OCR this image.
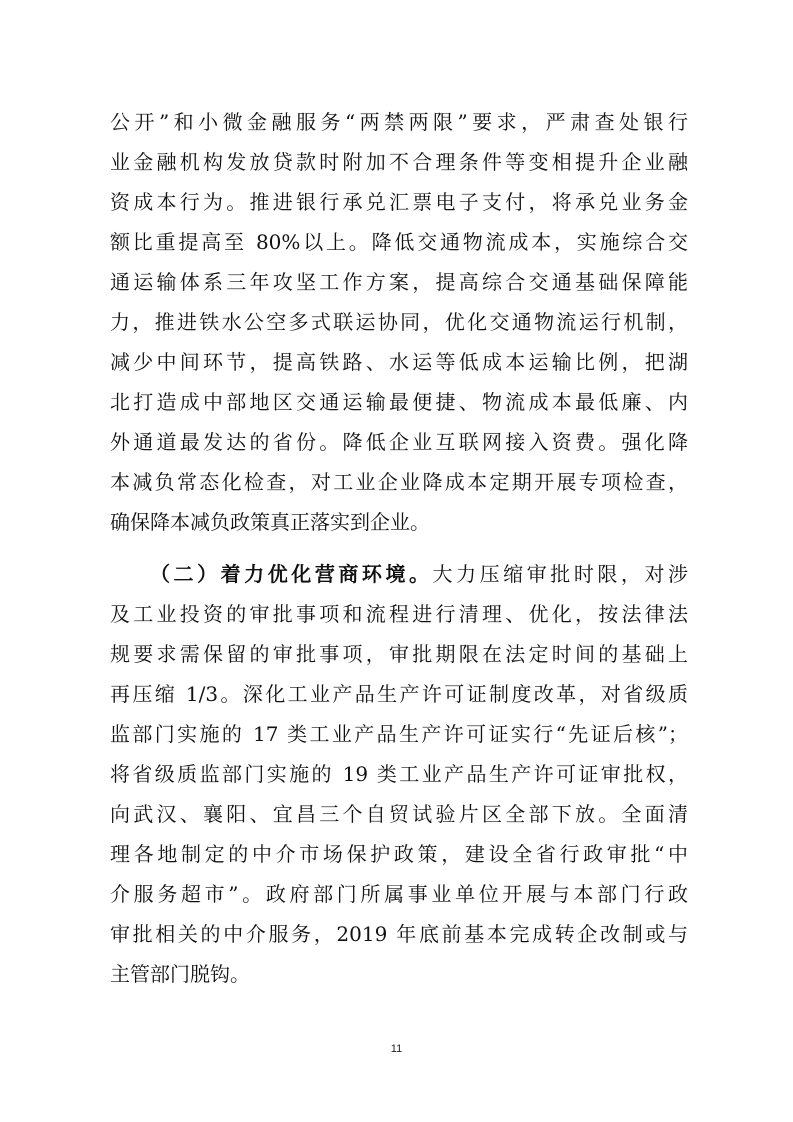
公开”和小微金融服务“两禁两限”要求，严肃查处银行
业金融机构发放贷款时附加不合理条件等变相提升企业融
资成本行为。推进银行承兑汇票电子支付，将承兑业务金
额比重提高至 80%以上。降低交通物流成本，实施综合交
通运输体系三年攻坚工作方案，提高综合交通基础保障能
力，推进铁水公空多式联运协同，优化交通物流运行机制，
减少中间环节，提高铁路、水运等低成本运输比例，把湖
北打造成中部地区交通运输最便捷、物流成本最低廉、内
外通道最发达的省份。降低企业互联网接入资费。强化降
本减负常态化检查，对工业企业降成本定期开展专项检查，
确保降本减负政策真正落实到企业。
（二）着力优化营商环境。大力压缩审批时限，对涉
及工业投资的审批事项和流程进行清理、优化，按法律法
规要求需保留的审批事项，审批期限在法定时间的基础上
再压缩 1/3。深化工业产品生产许可证制度改革，对省级质
监部门实施的 17 类工业产品生产许可证实行“先证后核”；
将省级质监部门实施的 19 类工业产品生产许可证审批权，
向武汉、襄阳、宜昌三个自贸试验片区全部下放。全面清
理各地制定的中介市场保护政策，建设全省行政审批“中
介服务超市”。政府部门所属事业单位开展与本部门行政
审批相关的中介服务，2019 年底前基本完成转企改制或与
主管部门脱钩。
11
